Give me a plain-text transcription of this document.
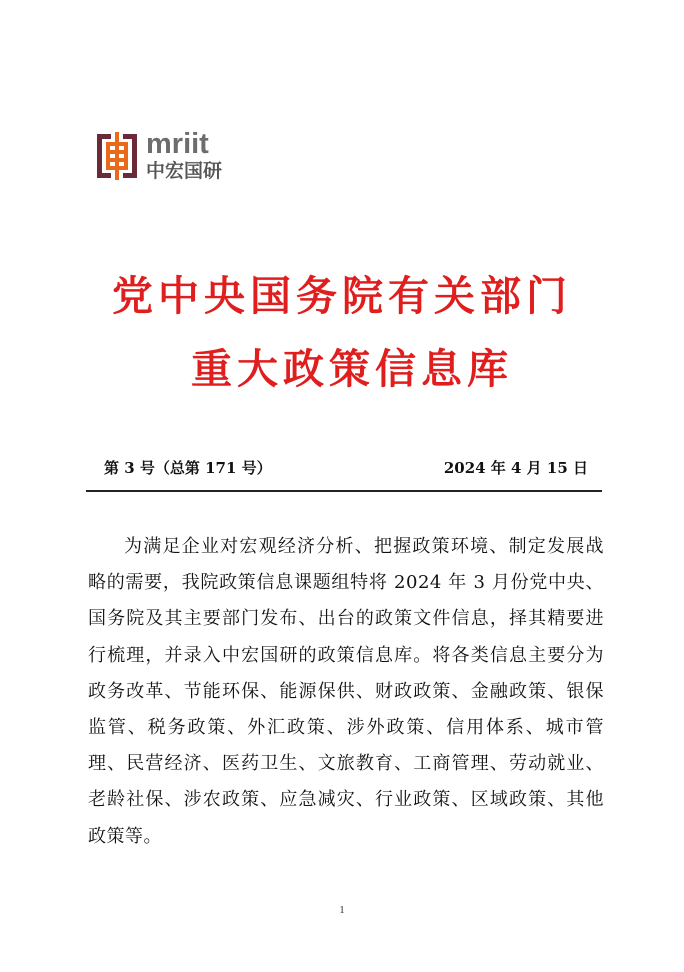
mriit
中宏国研
党中央国务院有关部门
重大政策信息库
第 3 号（总第 171 号）	2024 年 4 月 15 日

为满足企业对宏观经济分析、把握政策环境、制定发展战略的需要，我院政策信息课题组特将 2024 年 3 月份党中央、国务院及其主要部门发布、出台的政策文件信息，择其精要进行梳理，并录入中宏国研的政策信息库。将各类信息主要分为政务改革、节能环保、能源保供、财政政策、金融政策、银保监管、税务政策、外汇政策、涉外政策、信用体系、城市管理、民营经济、医药卫生、文旅教育、工商管理、劳动就业、老龄社保、涉农政策、应急减灾、行业政策、区域政策、其他政策等。

1
